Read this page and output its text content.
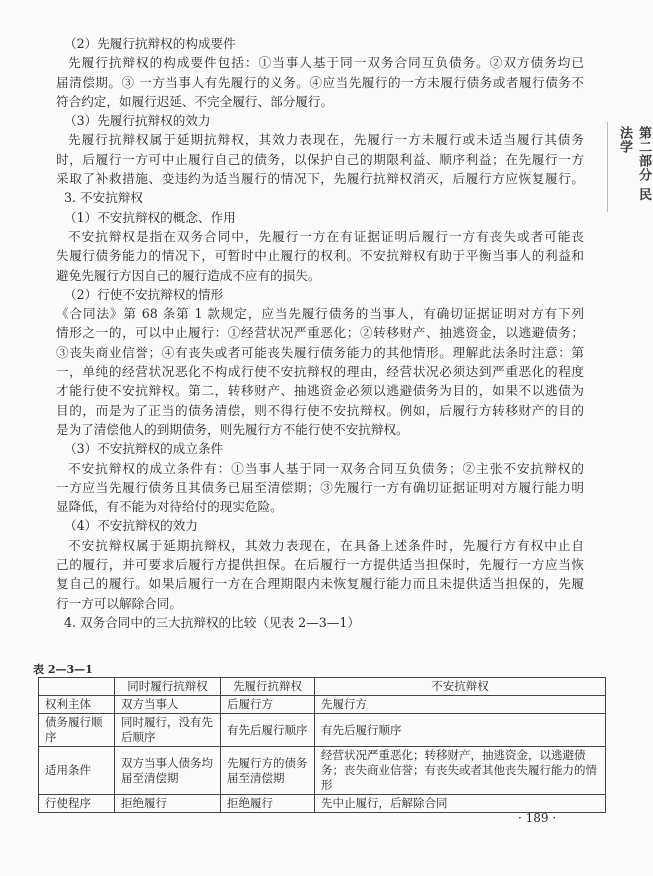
（2）先履行抗辩权的构成要件
先履行抗辩权的构成要件包括：①当事人基于同一双务合同互负债务。②双方债务均已
届清偿期。③ 一方当事人有先履行的义务。④应当先履行的一方未履行债务或者履行债务不
符合约定，如履行迟延、不完全履行、部分履行。
（3）先履行抗辩权的效力
先履行抗辩权属于延期抗辩权，其效力表现在，先履行一方未履行或未适当履行其债务
时，后履行一方可中止履行自己的债务，以保护自己的期限利益、顺序利益；在先履行一方
采取了补救措施、变违约为适当履行的情况下，先履行抗辩权消灭，后履行方应恢复履行。
3. 不安抗辩权
（1）不安抗辩权的概念、作用
不安抗辩权是指在双务合同中，先履行一方在有证据证明后履行一方有丧失或者可能丧
失履行债务能力的情况下，可暂时中止履行的权利。不安抗辩权有助于平衡当事人的利益和
避免先履行方因自己的履行造成不应有的损失。
（2）行使不安抗辩权的情形
《合同法》第 68 条第 1 款规定，应当先履行债务的当事人，有确切证据证明对方有下列
情形之一的，可以中止履行：①经营状况严重恶化；②转移财产、抽逃资金，以逃避债务；
③丧失商业信誉；④有丧失或者可能丧失履行债务能力的其他情形。理解此法条时注意：第
一，单纯的经营状况恶化不构成行使不安抗辩权的理由，经营状况必须达到严重恶化的程度
才能行使不安抗辩权。第二，转移财产、抽逃资金必须以逃避债务为目的，如果不以逃债为
目的，而是为了正当的债务清偿，则不得行使不安抗辩权。例如，后履行方转移财产的目的
是为了清偿他人的到期债务，则先履行方不能行使不安抗辩权。
（3）不安抗辩权的成立条件
不安抗辩权的成立条件有：①当事人基于同一双务合同互负债务；②主张不安抗辩权的
一方应当先履行债务且其债务已届至清偿期；③先履行一方有确切证据证明对方履行能力明
显降低，有不能为对待给付的现实危险。
（4）不安抗辩权的效力
不安抗辩权属于延期抗辩权，其效力表现在，在具备上述条件时，先履行方有权中止自
己的履行，并可要求后履行方提供担保。在后履行一方提供适当担保时，先履行一方应当恢
复自己的履行。如果后履行一方在合理期限内未恢复履行能力而且未提供适当担保的，先履
行一方可以解除合同。
4. 双务合同中的三大抗辩权的比较（见表 2—3—1）
第二部分 民法学
表 2—3—1
	同时履行抗辩权	先履行抗辩权	不安抗辩权
权利主体	双方当事人	后履行方	先履行方
债务履行顺序	同时履行，没有先后顺序	有先后履行顺序	有先后履行顺序
适用条件	双方当事人债务均届至清偿期	先履行方的债务届至清偿期	经营状况严重恶化；转移财产，抽逃资金，以逃避债务；丧失商业信誉；有丧失或者其他丧失履行能力的情形
行使程序	拒绝履行	拒绝履行	先中止履行，后解除合同
· 189 ·
